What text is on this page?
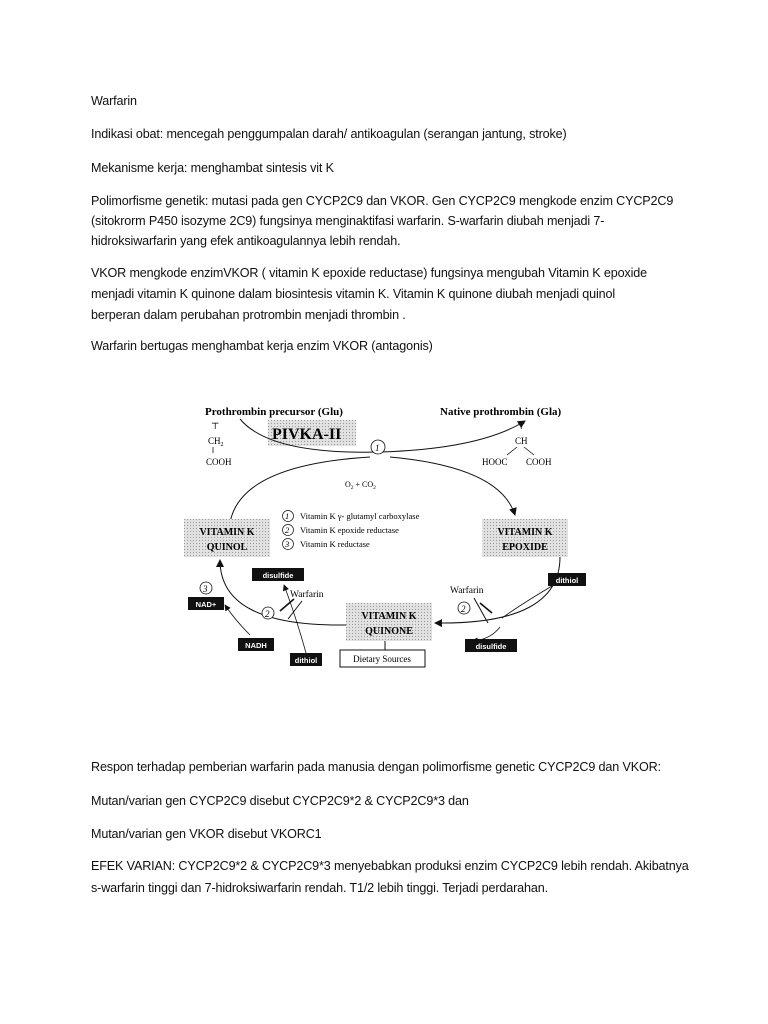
Warfarin

Indikasi obat: mencegah penggumpalan darah/ antikoagulan (serangan jantung, stroke)

Mekanisme kerja: menghambat sintesis vit K

Polimorfisme genetik: mutasi pada gen CYCP2C9 dan VKOR. Gen CYCP2C9 mengkode enzim CYCP2C9

(sitokrorm P450 isozyme 2C9) fungsinya menginaktifasi warfarin. S-warfarin diubah menjadi 7-

hidroksiwarfarin yang efek antikoagulannya lebih rendah.

VKOR mengkode enzimVKOR ( vitamin K epoxide reductase) fungsinya mengubah Vitamin K epoxide

menjadi vitamin K quinone dalam biosintesis vitamin K. Vitamin K quinone diubah menjadi quinol

berperan dalam perubahan protrombin menjadi thrombin .

Warfarin bertugas menghambat kerja enzim VKOR (antagonis)

Prothrombin precursor (Glu)	Native prothrombin (Gla)
⊤
$CH_2$
COOH
PIVKA-II	⊤
CH
HOOC COOH
1
$O_2 + CO_2$
1 Vitamin K γ- glutamyl carboxylase
2 Vitamin K epoxide reductase
3 Vitamin K reductase
VITAMIN K
QUINOL
VITAMIN K
EPOXIDE
VITAMIN K
QUINONE
Dietary Sources
Warfarin
dithiol
disulfide
2
disulfide
Warfarin
2
3
NAD+
NADH
dithiol

Respon terhadap pemberian warfarin pada manusia dengan polimorfisme genetic CYCP2C9 dan VKOR:

Mutan/varian gen CYCP2C9 disebut CYCP2C9*2 & CYCP2C9*3 dan

Mutan/varian gen VKOR disebut VKORC1

EFEK VARIAN: CYCP2C9*2 & CYCP2C9*3 menyebabkan produksi enzim CYCP2C9 lebih rendah. Akibatnya

s-warfarin tinggi dan 7-hidroksiwarfarin rendah. T1/2 lebih tinggi. Terjadi perdarahan.
